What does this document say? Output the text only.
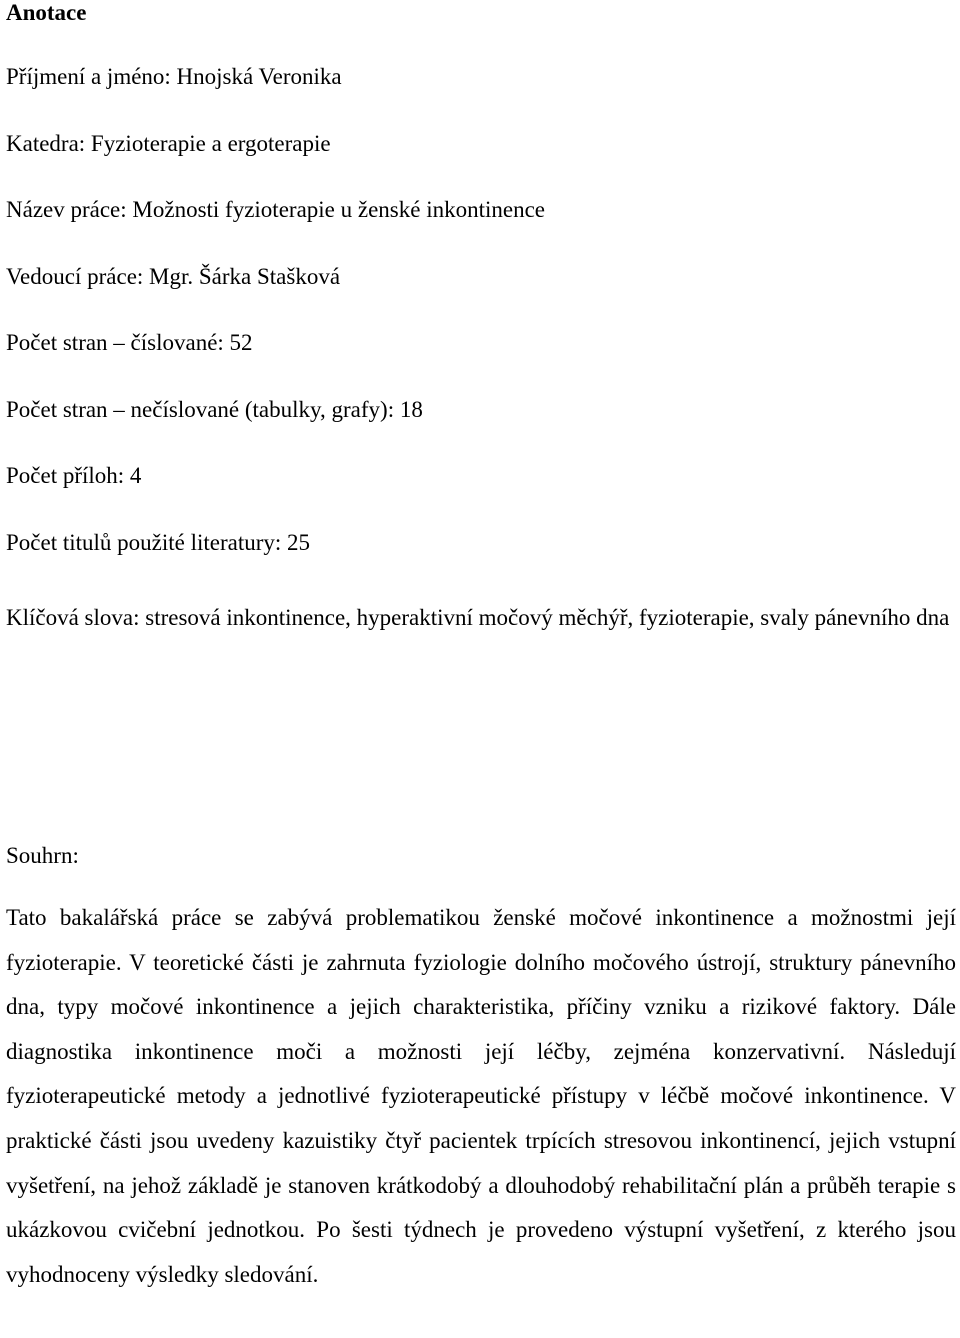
Anotace
Příjmení a jméno: Hnojská Veronika
Katedra: Fyzioterapie a ergoterapie
Název práce: Možnosti fyzioterapie u ženské inkontinence
Vedoucí práce: Mgr. Šárka Stašková
Počet stran – číslované: 52
Počet stran – nečíslované (tabulky, grafy): 18
Počet příloh: 4
Počet titulů použité literatury: 25
Klíčová slova: stresová inkontinence, hyperaktivní močový měchýř, fyzioterapie, svaly pánevního dna
Souhrn:
Tato bakalářská práce se zabývá problematikou ženské močové inkontinence a možnostmi její fyzioterapie. V teoretické části je zahrnuta fyziologie dolního močového ústrojí, struktury pánevního dna, typy močové inkontinence a jejich charakteristika, příčiny vzniku a rizikové faktory. Dále diagnostika inkontinence moči a možnosti její léčby, zejména konzervativní. Následují fyzioterapeutické metody a jednotlivé fyzioterapeutické přístupy v léčbě močové inkontinence. V praktické části jsou uvedeny kazuistiky čtyř pacientek trpících stresovou inkontinencí, jejich vstupní vyšetření, na jehož základě je stanoven krátkodobý a dlouhodobý rehabilitační plán a průběh terapie s ukázkovou cvičební jednotkou. Po šesti týdnech je provedeno výstupní vyšetření, z kterého jsou vyhodnoceny výsledky sledování.
